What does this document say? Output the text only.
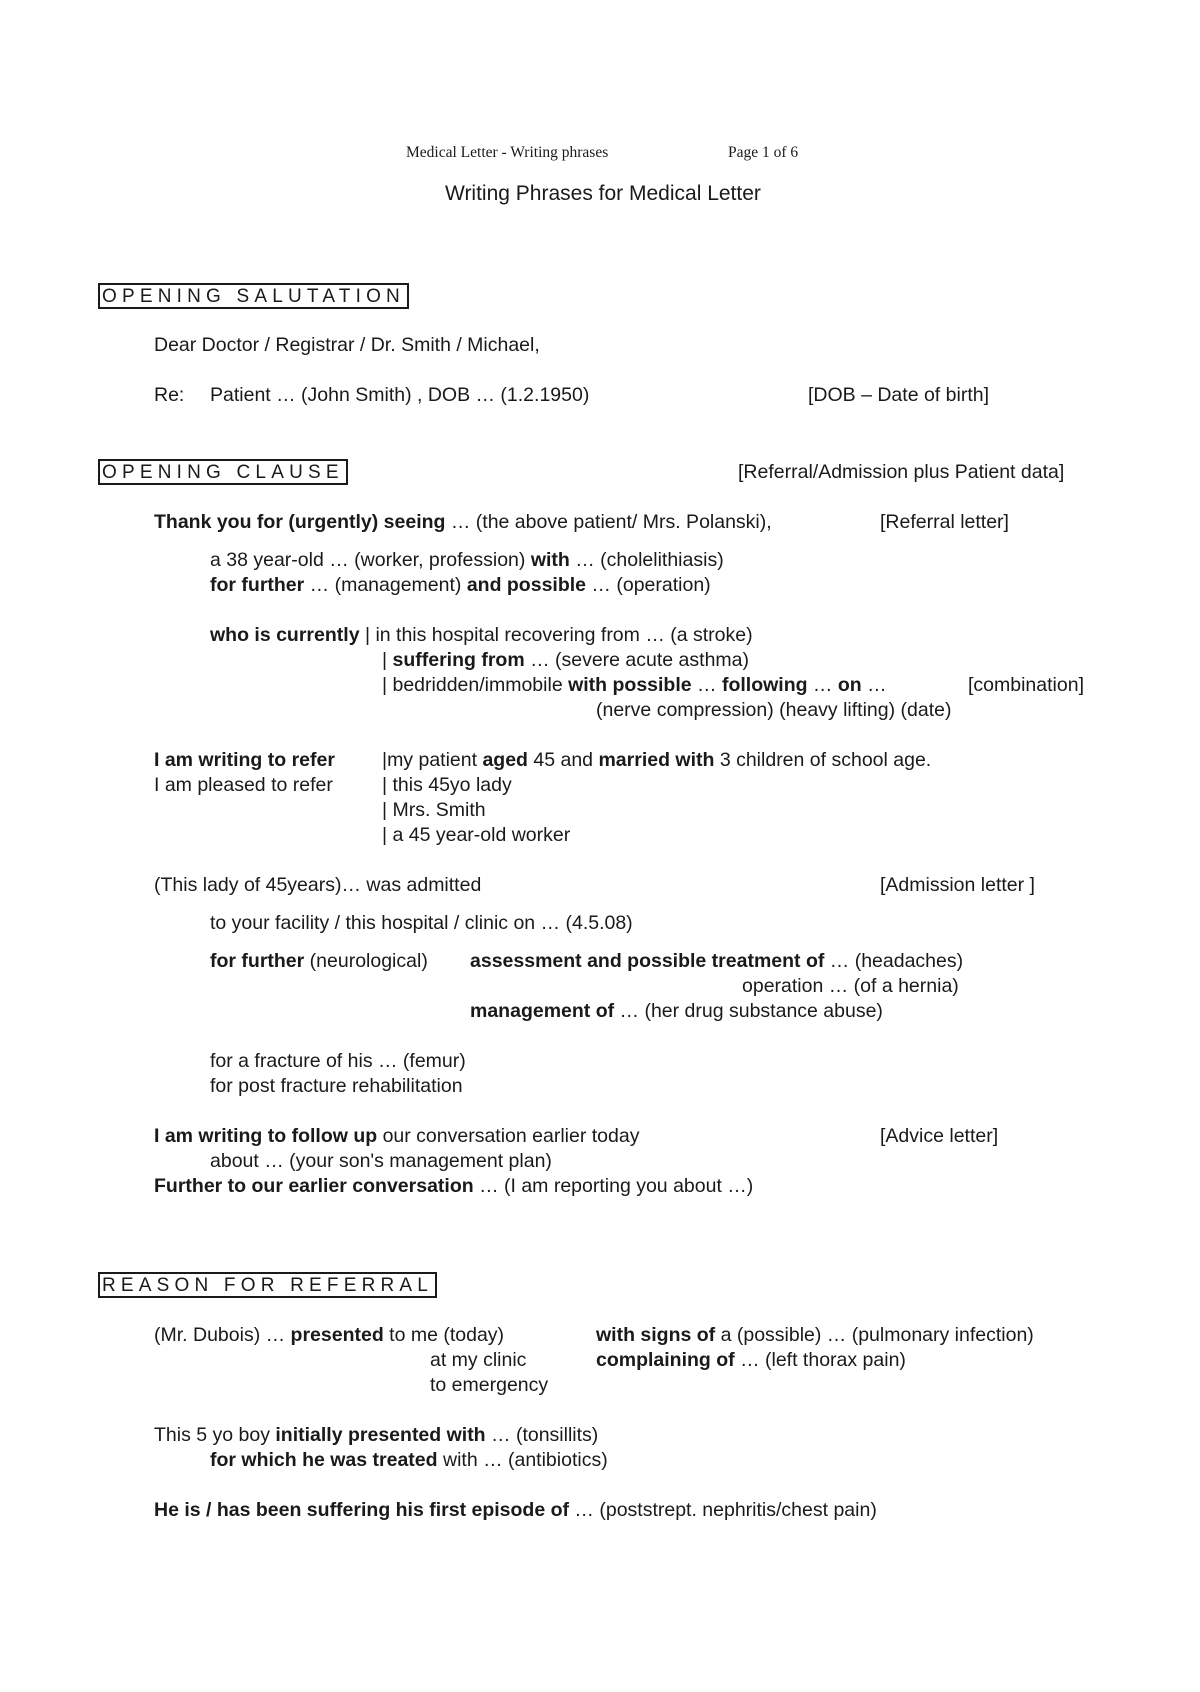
Medical Letter - Writing phrases	Page 1 of 6
Writing Phrases for Medical Letter
OPENING SALUTATION
Dear Doctor / Registrar / Dr. Smith / Michael,
Re: Patient … (John Smith) , DOB … (1.2.1950)	[DOB – Date of birth]
OPENING CLAUSE	[Referral/Admission plus Patient data]
Thank you for (urgently) seeing … (the above patient/ Mrs. Polanski),	[Referral letter]
a 38 year-old … (worker, profession) with … (cholelithiasis)
for further … (management) and possible … (operation)
who is currently | in this hospital recovering from … (a stroke)
| suffering from … (severe acute asthma)
| bedridden/immobile with possible … following … on …	[combination]
(nerve compression) (heavy lifting) (date)
I am writing to refer |my patient aged 45 and married with 3 children of school age.
I am pleased to refer	| this 45yo lady
| Mrs. Smith
| a 45 year-old worker
(This lady of 45years)… was admitted	[Admission letter ]
to your facility / this hospital / clinic on … (4.5.08)
for further (neurological) assessment and possible treatment of … (headaches)
operation … (of a hernia)
management of … (her drug substance abuse)
for a fracture of his … (femur)
for post fracture rehabilitation
I am writing to follow up our conversation earlier today	[Advice letter]
about … (your son's management plan)
Further to our earlier conversation … (I am reporting you about …)
REASON FOR REFERRAL
(Mr. Dubois) … presented to me (today)	with signs of a (possible) … (pulmonary infection)
at my clinic	complaining of … (left thorax pain)
to emergency
This 5 yo boy initially presented with … (tonsillits)
for which he was treated with … (antibiotics)
He is / has been suffering his first episode of … (poststrept. nephritis/chest pain)
